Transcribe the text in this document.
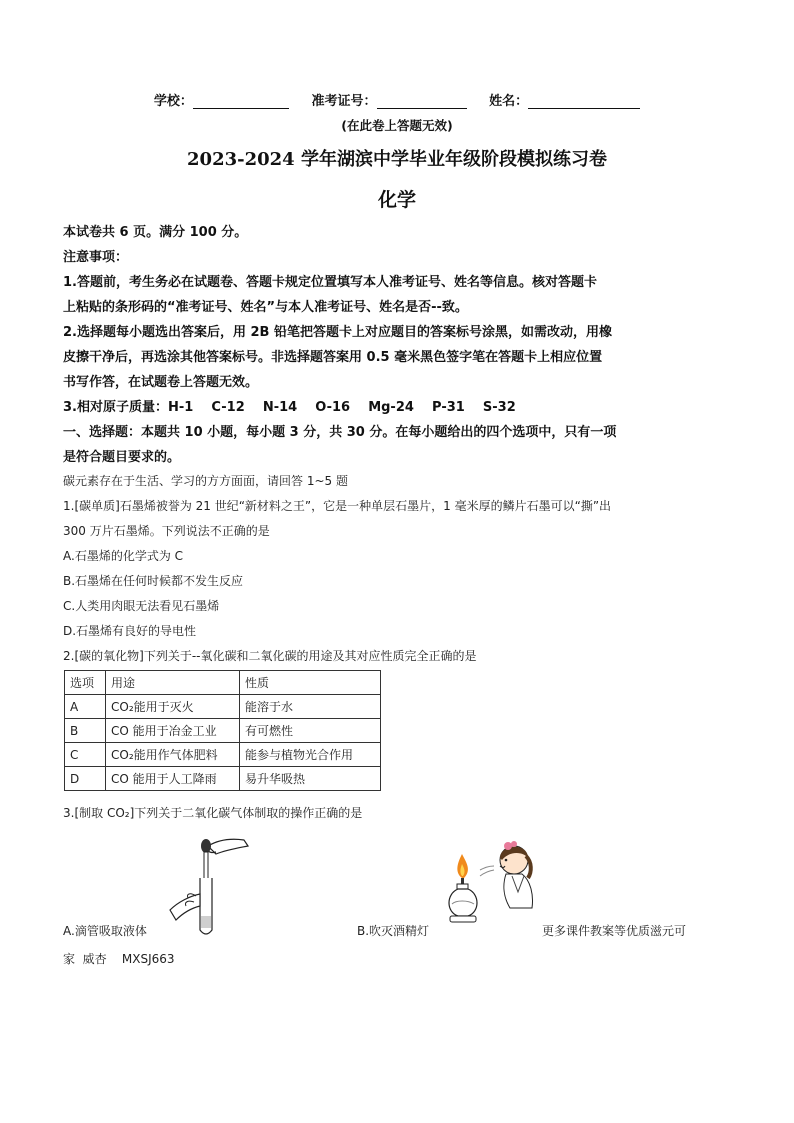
学校：	准考证号：	姓名：
(在此卷上答题无效)
2023-2024 学年湖滨中学毕业年级阶段模拟练习卷
化学
本试卷共 6 页。满分 100 分。
注意事项：
1.答题前，考生务必在试题卷、答题卡规定位置填写本人准考证号、姓名等信息。核对答题卡
上粘贴的条形码的“准考证号、姓名”与本人准考证号、姓名是否--致。
2.选择题每小题选出答案后，用 2B 铅笔把答题卡上对应题目的答案标号涂黑，如需改动，用橡
皮擦干净后，再选涂其他答案标号。非选择题答案用 0.5 毫米黑色签字笔在答题卡上相应位置
书写作答，在试题卷上答题无效。
3.相对原子质量：H-1    C-12    N-14    O-16    Mg-24    P-31    S-32
一、选择题：本题共 10 小题，每小题 3 分，共 30 分。在每小题给出的四个选项中，只有一项
是符合题目要求的。
碳元素存在于生活、学习的方方面面，请回答 1~5 题
1.[碳单质]石墨烯被誉为 21 世纪“新材料之王”，它是一种单层石墨片，1 毫米厚的鳞片石墨可以“撕”出
300 万片石墨烯。下列说法不正确的是
A.石墨烯的化学式为 C
B.石墨烯在任何时候都不发生反应
C.人类用肉眼无法看见石墨烯
D.石墨烯有良好的导电性
2.[碳的氧化物]下列关于--氧化碳和二氧化碳的用途及其对应性质完全正确的是
选项	用途	性质
A	CO₂能用于灭火	能溶于水
B	CO 能用于冶金工业	有可燃性
C	CO₂能用作气体肥料	能参与植物光合作用
D	CO 能用于人工降雨	易升华吸热
3.[制取 CO₂]下列关于二氧化碳气体制取的操作正确的是
A.滴管吸取液体	B.吹灭酒精灯	更多课件教案等优质滋元可
家  威杏    MXSJ663
